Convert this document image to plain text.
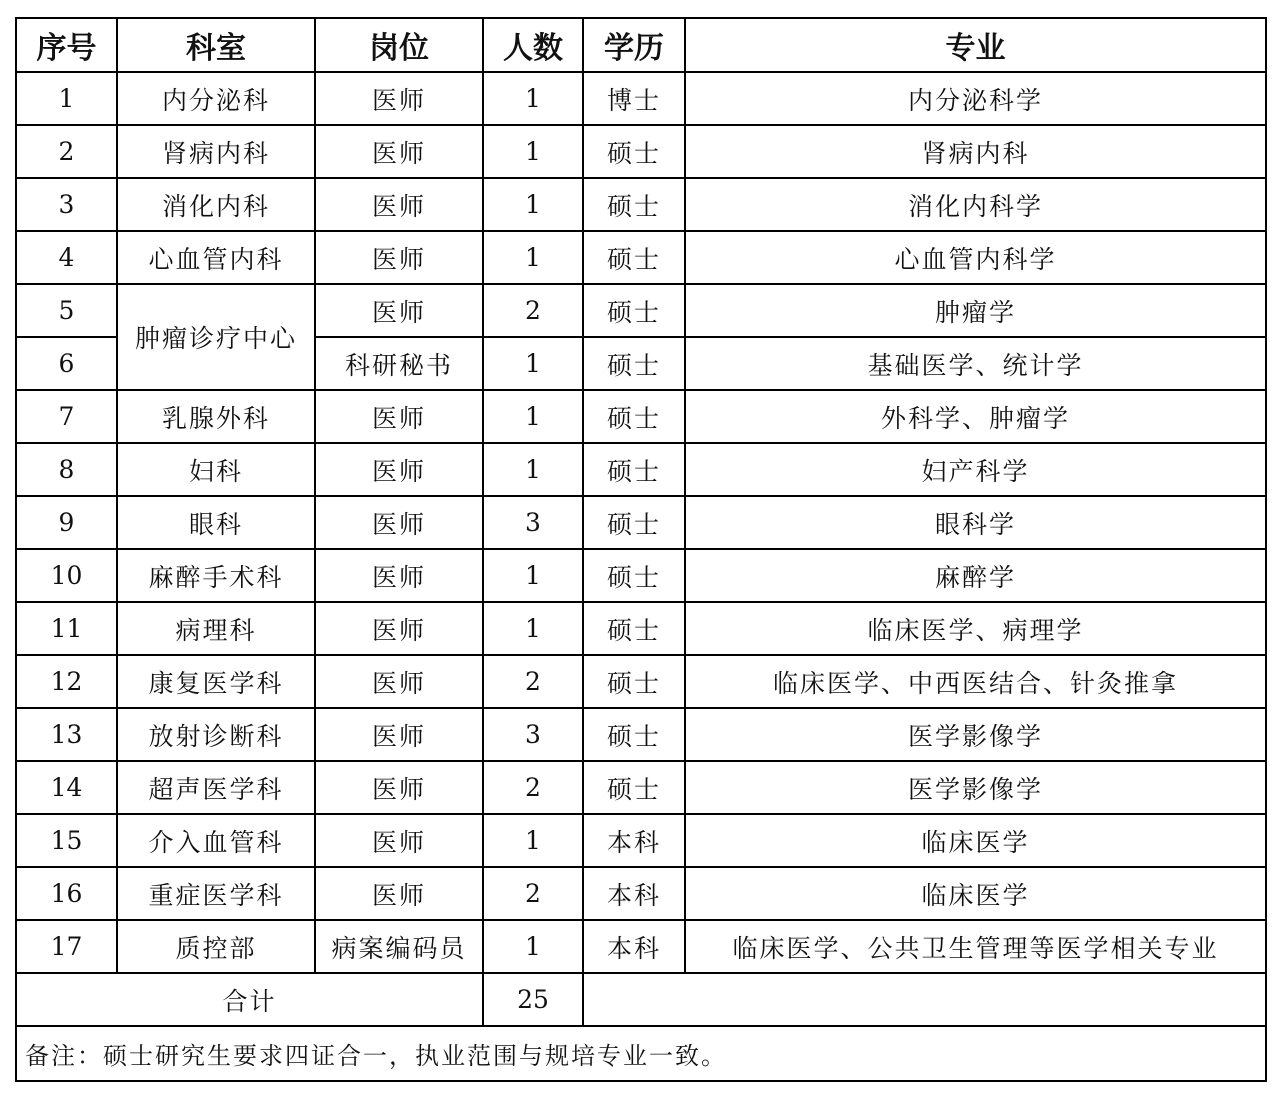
序号	科室	岗位	人数	学历	专业
1	内分泌科	医师	1	博士	内分泌科学
2	肾病内科	医师	1	硕士	肾病内科
3	消化内科	医师	1	硕士	消化内科学
4	心血管内科	医师	1	硕士	心血管内科学
5	肿瘤诊疗中心	医师	2	硕士	肿瘤学
6		科研秘书	1	硕士	基础医学、统计学
7	乳腺外科	医师	1	硕士	外科学、肿瘤学
8	妇科	医师	1	硕士	妇产科学
9	眼科	医师	3	硕士	眼科学
10	麻醉手术科	医师	1	硕士	麻醉学
11	病理科	医师	1	硕士	临床医学、病理学
12	康复医学科	医师	2	硕士	临床医学、中西医结合、针灸推拿
13	放射诊断科	医师	3	硕士	医学影像学
14	超声医学科	医师	2	硕士	医学影像学
15	介入血管科	医师	1	本科	临床医学
16	重症医学科	医师	2	本科	临床医学
17	质控部	病案编码员	1	本科	临床医学、公共卫生管理等医学相关专业
合计			25		
备注：硕士研究生要求四证合一，执业范围与规培专业一致。					
